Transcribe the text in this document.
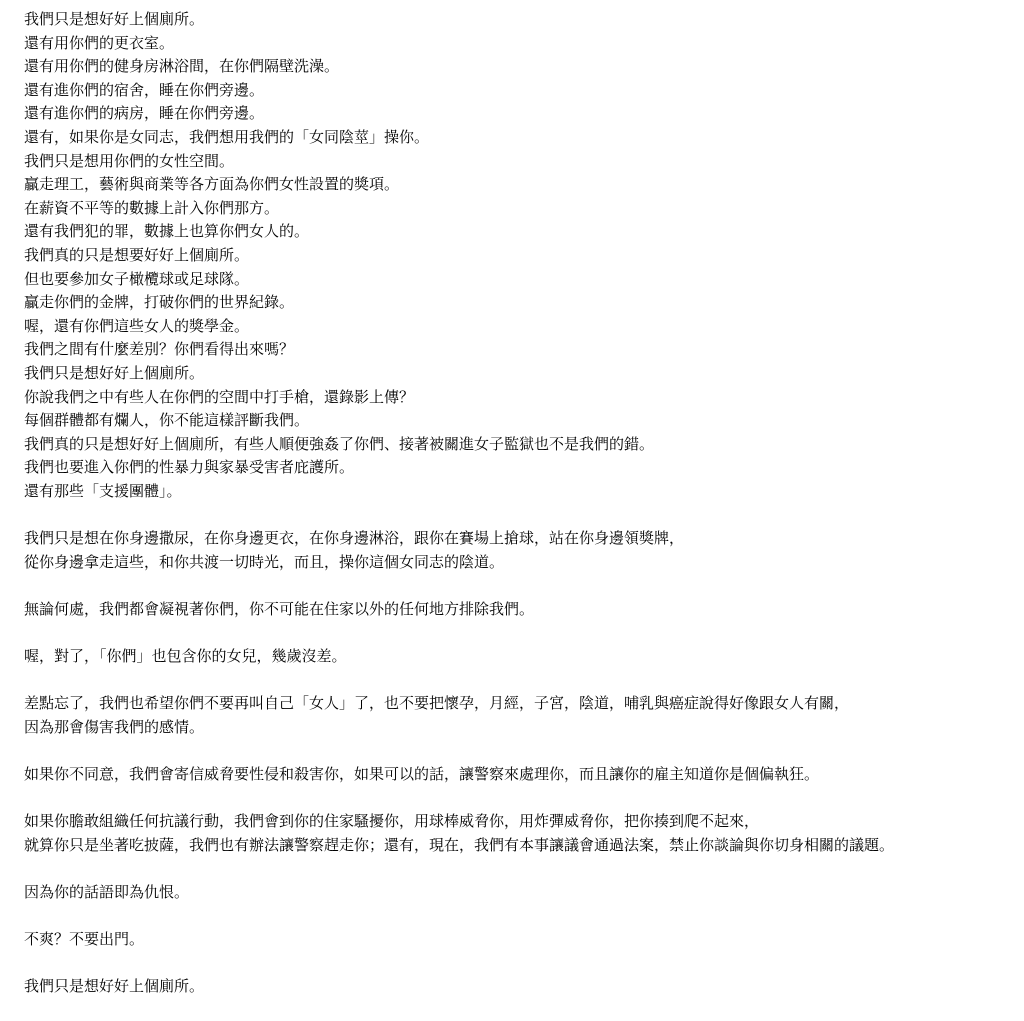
我們只是想好好上個廁所。
還有用你們的更衣室。
還有用你們的健身房淋浴間，在你們隔壁洗澡。
還有進你們的宿舍，睡在你們旁邊。
還有進你們的病房，睡在你們旁邊。
還有，如果你是女同志，我們想用我們的「女同陰莖」操你。
我們只是想用你們的女性空間。
贏走理工，藝術與商業等各方面為你們女性設置的獎項。
在薪資不平等的數據上計入你們那方。
還有我們犯的罪，數據上也算你們女人的。
我們真的只是想要好好上個廁所。
但也要參加女子橄欖球或足球隊。
贏走你們的金牌，打破你們的世界紀錄。
喔，還有你們這些女人的獎學金。
我們之間有什麼差別？你們看得出來嗎？
我們只是想好好上個廁所。
你說我們之中有些人在你們的空間中打手槍，還錄影上傳？
每個群體都有爛人，你不能這樣評斷我們。
我們真的只是想好好上個廁所，有些人順便強姦了你們、接著被關進女子監獄也不是我們的錯。
我們也要進入你們的性暴力與家暴受害者庇護所。
還有那些「支援團體」。
我們只是想在你身邊撒尿，在你身邊更衣，在你身邊淋浴，跟你在賽場上搶球，站在你身邊領獎牌，
從你身邊拿走這些，和你共渡一切時光，而且，操你這個女同志的陰道。
無論何處，我們都會凝視著你們，你不可能在住家以外的任何地方排除我們。
喔，對了，「你們」也包含你的女兒，幾歲沒差。
差點忘了，我們也希望你們不要再叫自己「女人」了，也不要把懷孕，月經，子宮，陰道，哺乳與癌症說得好像跟女人有關，
因為那會傷害我們的感情。
如果你不同意，我們會寄信威脅要性侵和殺害你，如果可以的話，讓警察來處理你，而且讓你的雇主知道你是個偏執狂。
如果你膽敢組織任何抗議行動，我們會到你的住家騷擾你，用球棒威脅你，用炸彈威脅你，把你揍到爬不起來，
就算你只是坐著吃披薩，我們也有辦法讓警察趕走你；還有，現在，我們有本事讓議會通過法案，禁止你談論與你切身相關的議題。
因為你的話語即為仇恨。
不爽？不要出門。
我們只是想好好上個廁所。
